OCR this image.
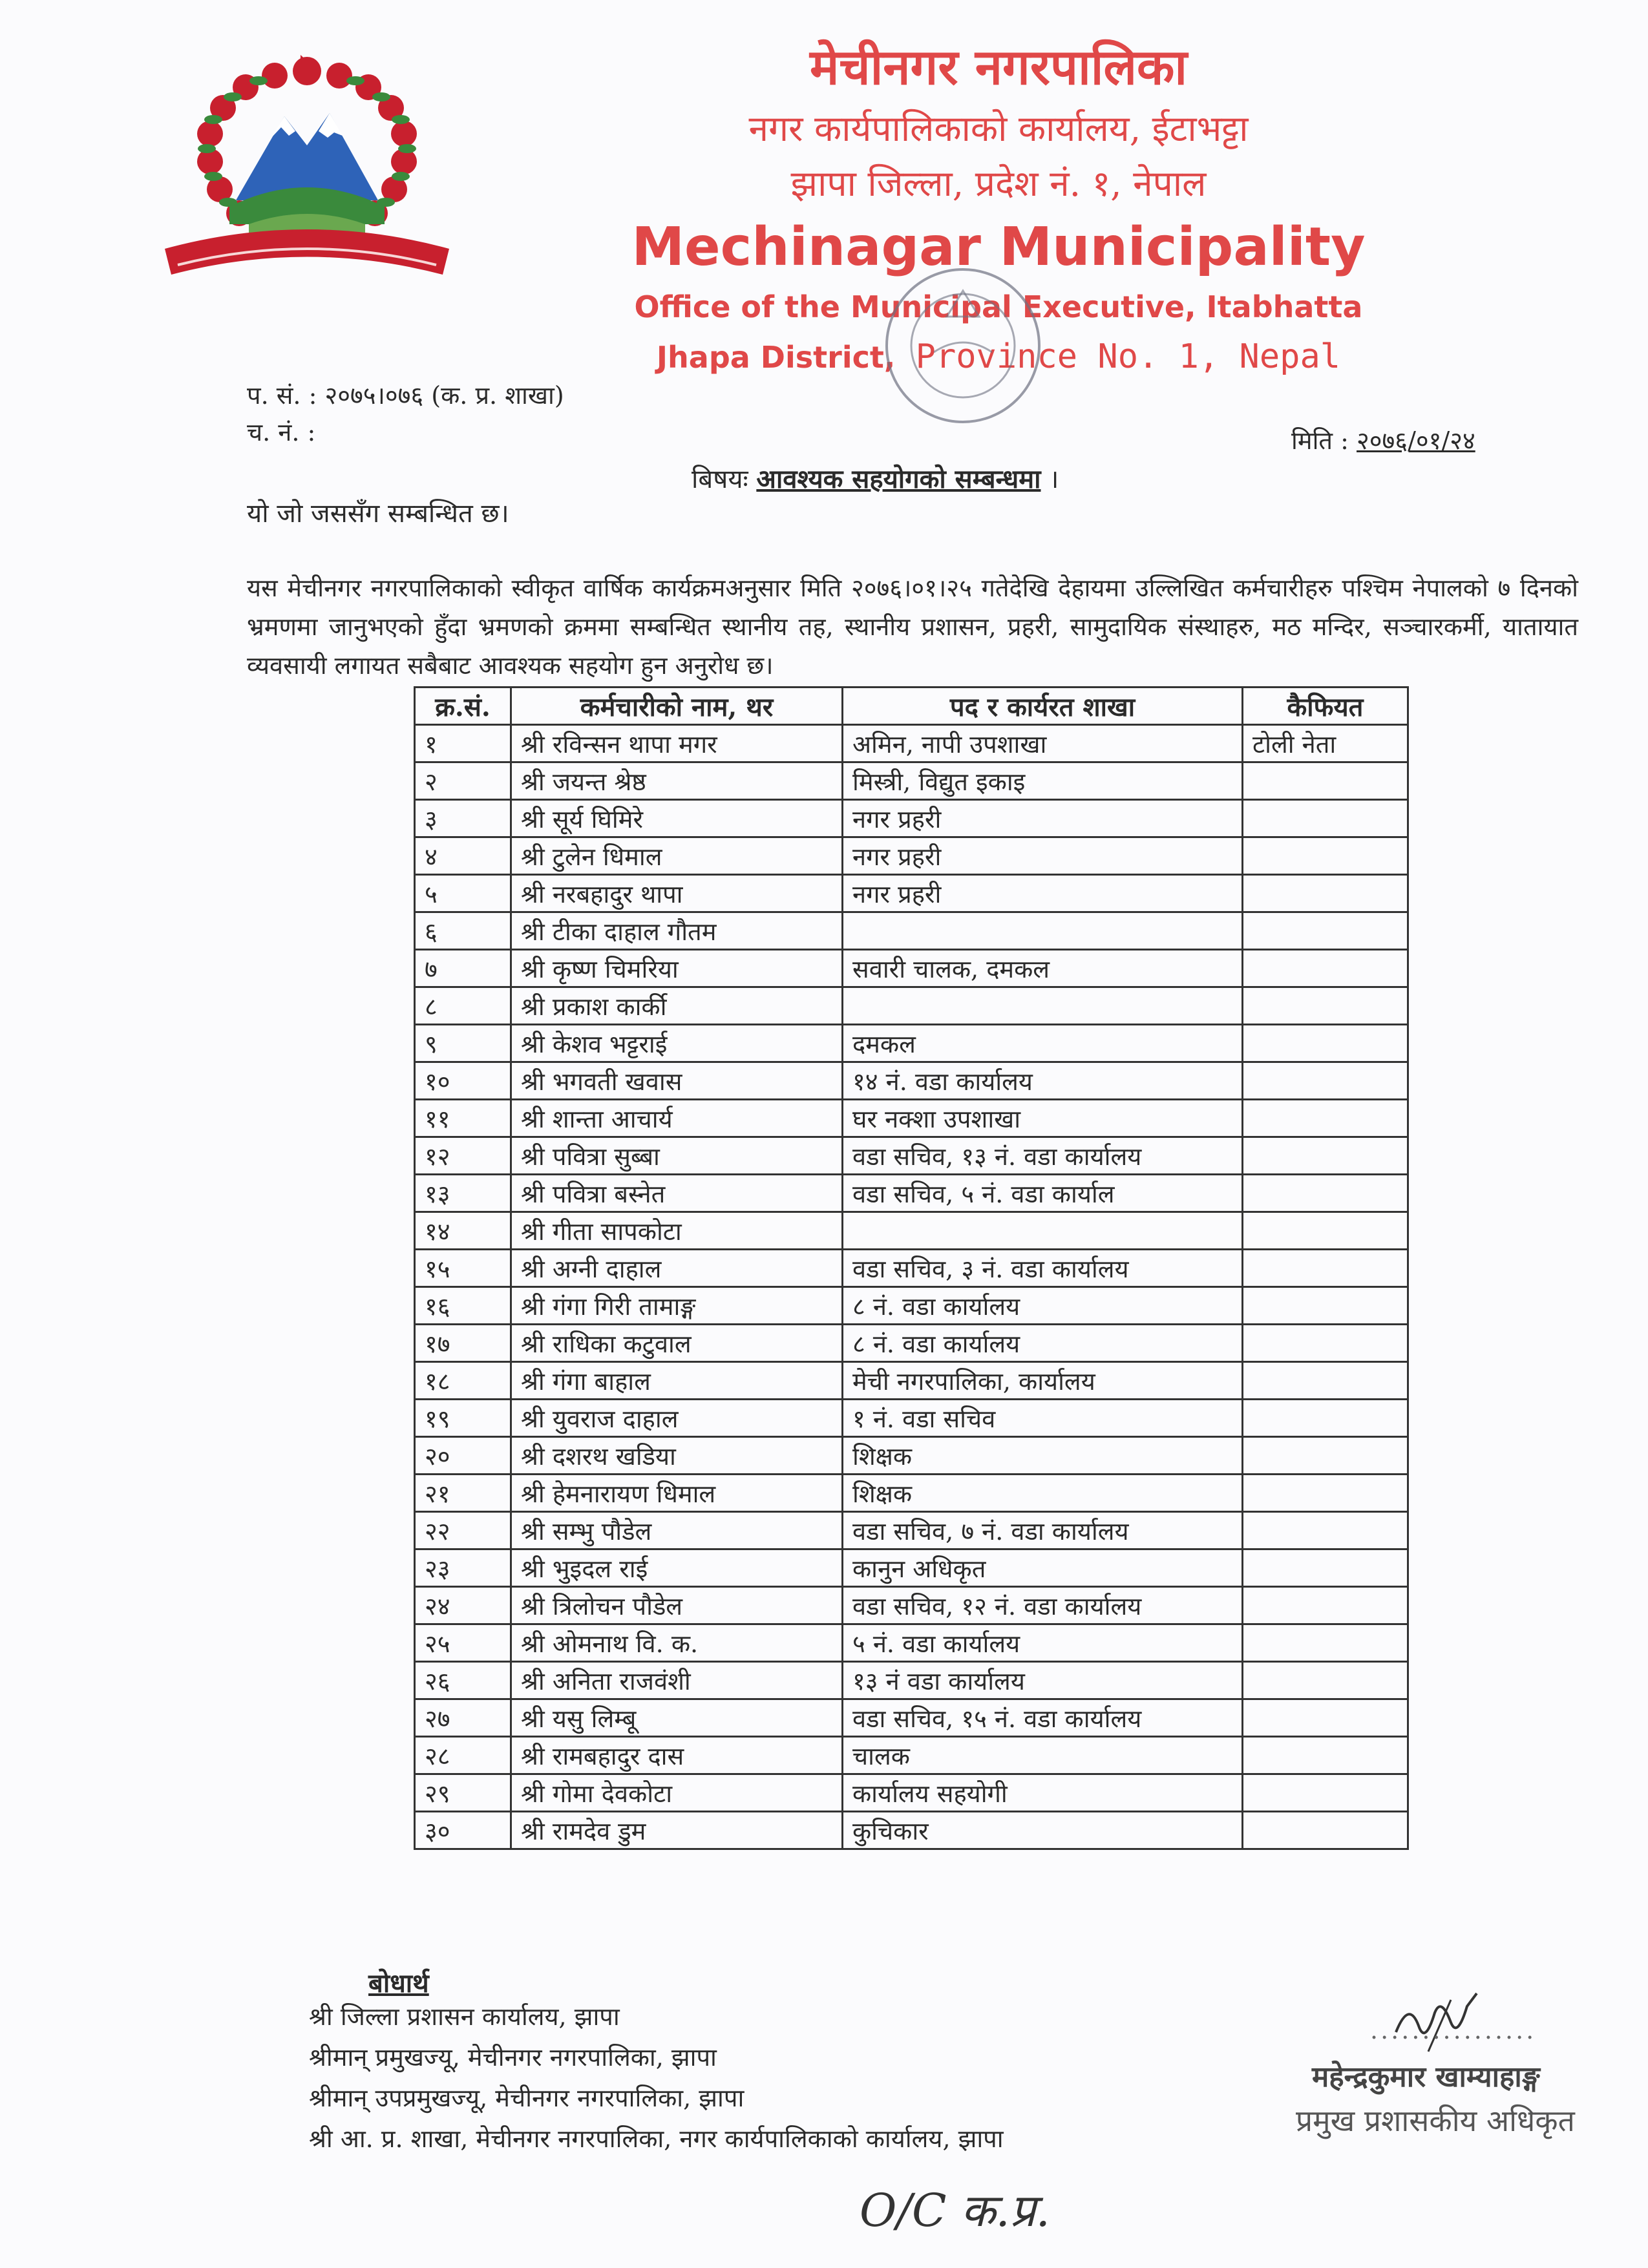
मेचीनगर नगरपालिका
नगर कार्यपालिकाको कार्यालय, ईटाभट्टा
झापा जिल्ला, प्रदेश नं. १, नेपाल
Mechinagar Municipality
Office of the Municipal Executive, Itabhatta
Jhapa District, Province No. 1, Nepal
प. सं. : २०७५।०७६ (क. प्र. शाखा)
च. नं. :	मिति : २०७६/०१/२४
बिषयः आवश्यक सहयोगको सम्बन्धमा ।
यो जो जससँग सम्बन्धित छ।
यस मेचीनगर नगरपालिकाको स्वीकृत वार्षिक कार्यक्रमअनुसार मिति २०७६।०१।२५ गतेदेखि देहायमा उल्लिखित कर्मचारीहरु पश्चिम नेपालको ७ दिनको भ्रमणमा जानुभएको हुँदा भ्रमणको क्रममा सम्बन्धित स्थानीय तह, स्थानीय प्रशासन, प्रहरी, सामुदायिक संस्थाहरु, मठ मन्दिर, सञ्चारकर्मी, यातायात व्यवसायी लगायत सबैबाट आवश्यक सहयोग हुन अनुरोध छ।
क्र.सं.	कर्मचारीको नाम, थर	पद र कार्यरत शाखा	कैफियत
१	श्री रविन्सन थापा मगर	अमिन, नापी उपशाखा	टोली नेता
२	श्री जयन्त श्रेष्ठ	मिस्त्री, विद्युत इकाइ	
३	श्री सूर्य घिमिरे	नगर प्रहरी	
४	श्री टुलेन धिमाल	नगर प्रहरी	
५	श्री नरबहादुर थापा	नगर प्रहरी	
६	श्री टीका दाहाल गौतम		
७	श्री कृष्ण चिमरिया	सवारी चालक, दमकल	
८	श्री प्रकाश कार्की		
९	श्री केशव भट्टराई	दमकल	
१०	श्री भगवती खवास	१४ नं. वडा कार्यालय	
११	श्री शान्ता आचार्य	घर नक्शा उपशाखा	
१२	श्री पवित्रा सुब्बा	वडा सचिव, १३ नं. वडा कार्यालय	
१३	श्री पवित्रा बस्नेत	वडा सचिव, ५ नं. वडा कार्याल	
१४	श्री गीता सापकोटा		
१५	श्री अग्नी दाहाल	वडा सचिव, ३ नं. वडा कार्यालय	
१६	श्री गंगा गिरी तामाङ्ग	८ नं. वडा कार्यालय	
१७	श्री राधिका कटुवाल	८ नं. वडा कार्यालय	
१८	श्री गंगा बाहाल	मेची नगरपालिका, कार्यालय	
१९	श्री युवराज दाहाल	१ नं. वडा सचिव	
२०	श्री दशरथ खडिया	शिक्षक	
२१	श्री हेमनारायण धिमाल	शिक्षक	
२२	श्री सम्भु पौडेल	वडा सचिव, ७ नं. वडा कार्यालय	
२३	श्री भुइदल राई	कानुन अधिकृत	
२४	श्री त्रिलोचन पौडेल	वडा सचिव, १२ नं. वडा कार्यालय	
२५	श्री ओमनाथ वि. क.	५ नं. वडा कार्यालय	
२६	श्री अनिता राजवंशी	१३ नं वडा कार्यालय	
२७	श्री यसु लिम्बू	वडा सचिव, १५ नं. वडा कार्यालय	
२८	श्री रामबहादुर दास	चालक	
२९	श्री गोमा देवकोटा	कार्यालय सहयोगी	
३०	श्री रामदेव डुम	कुचिकार	
बोधार्थ
श्री जिल्ला प्रशासन कार्यालय, झापा
श्रीमान् प्रमुखज्यू, मेचीनगर नगरपालिका, झापा
श्रीमान् उपप्रमुखज्यू, मेचीनगर नगरपालिका, झापा
श्री आ. प्र. शाखा, मेचीनगर नगरपालिका, नगर कार्यपालिकाको कार्यालय, झापा
................
महेन्द्रकुमार खाम्याहाङ्ग
प्रमुख प्रशासकीय अधिकृत
O/C क.प्र.
